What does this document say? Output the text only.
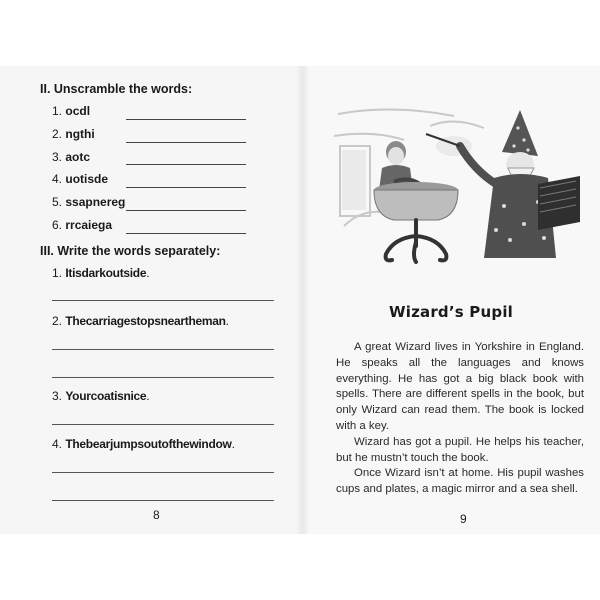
II. Unscramble the words:
1. ocdl
2. ngthi
3. aotc
4. uotisde
5. ssapnereg
6. rrcaiega
III. Write the words separately:
1. Itisdarkoutside.
2. Thecarriagestopsneartheman.
3. Yourcoatisnice.
4. Thebearjumpsoutofthewindow.
8
Wizard’s Pupil

A great Wizard lives in Yorkshire in England. He speaks all the languages and knows everything. He has got a big black book with spells. There are different spells in the book, but only Wizard can read them. The book is locked with a key.

Wizard has got a pupil. He helps his teacher, but he mustn’t touch the book.

Once Wizard isn’t at home. His pupil washes cups and plates, a magic mirror and a sea shell.

9
